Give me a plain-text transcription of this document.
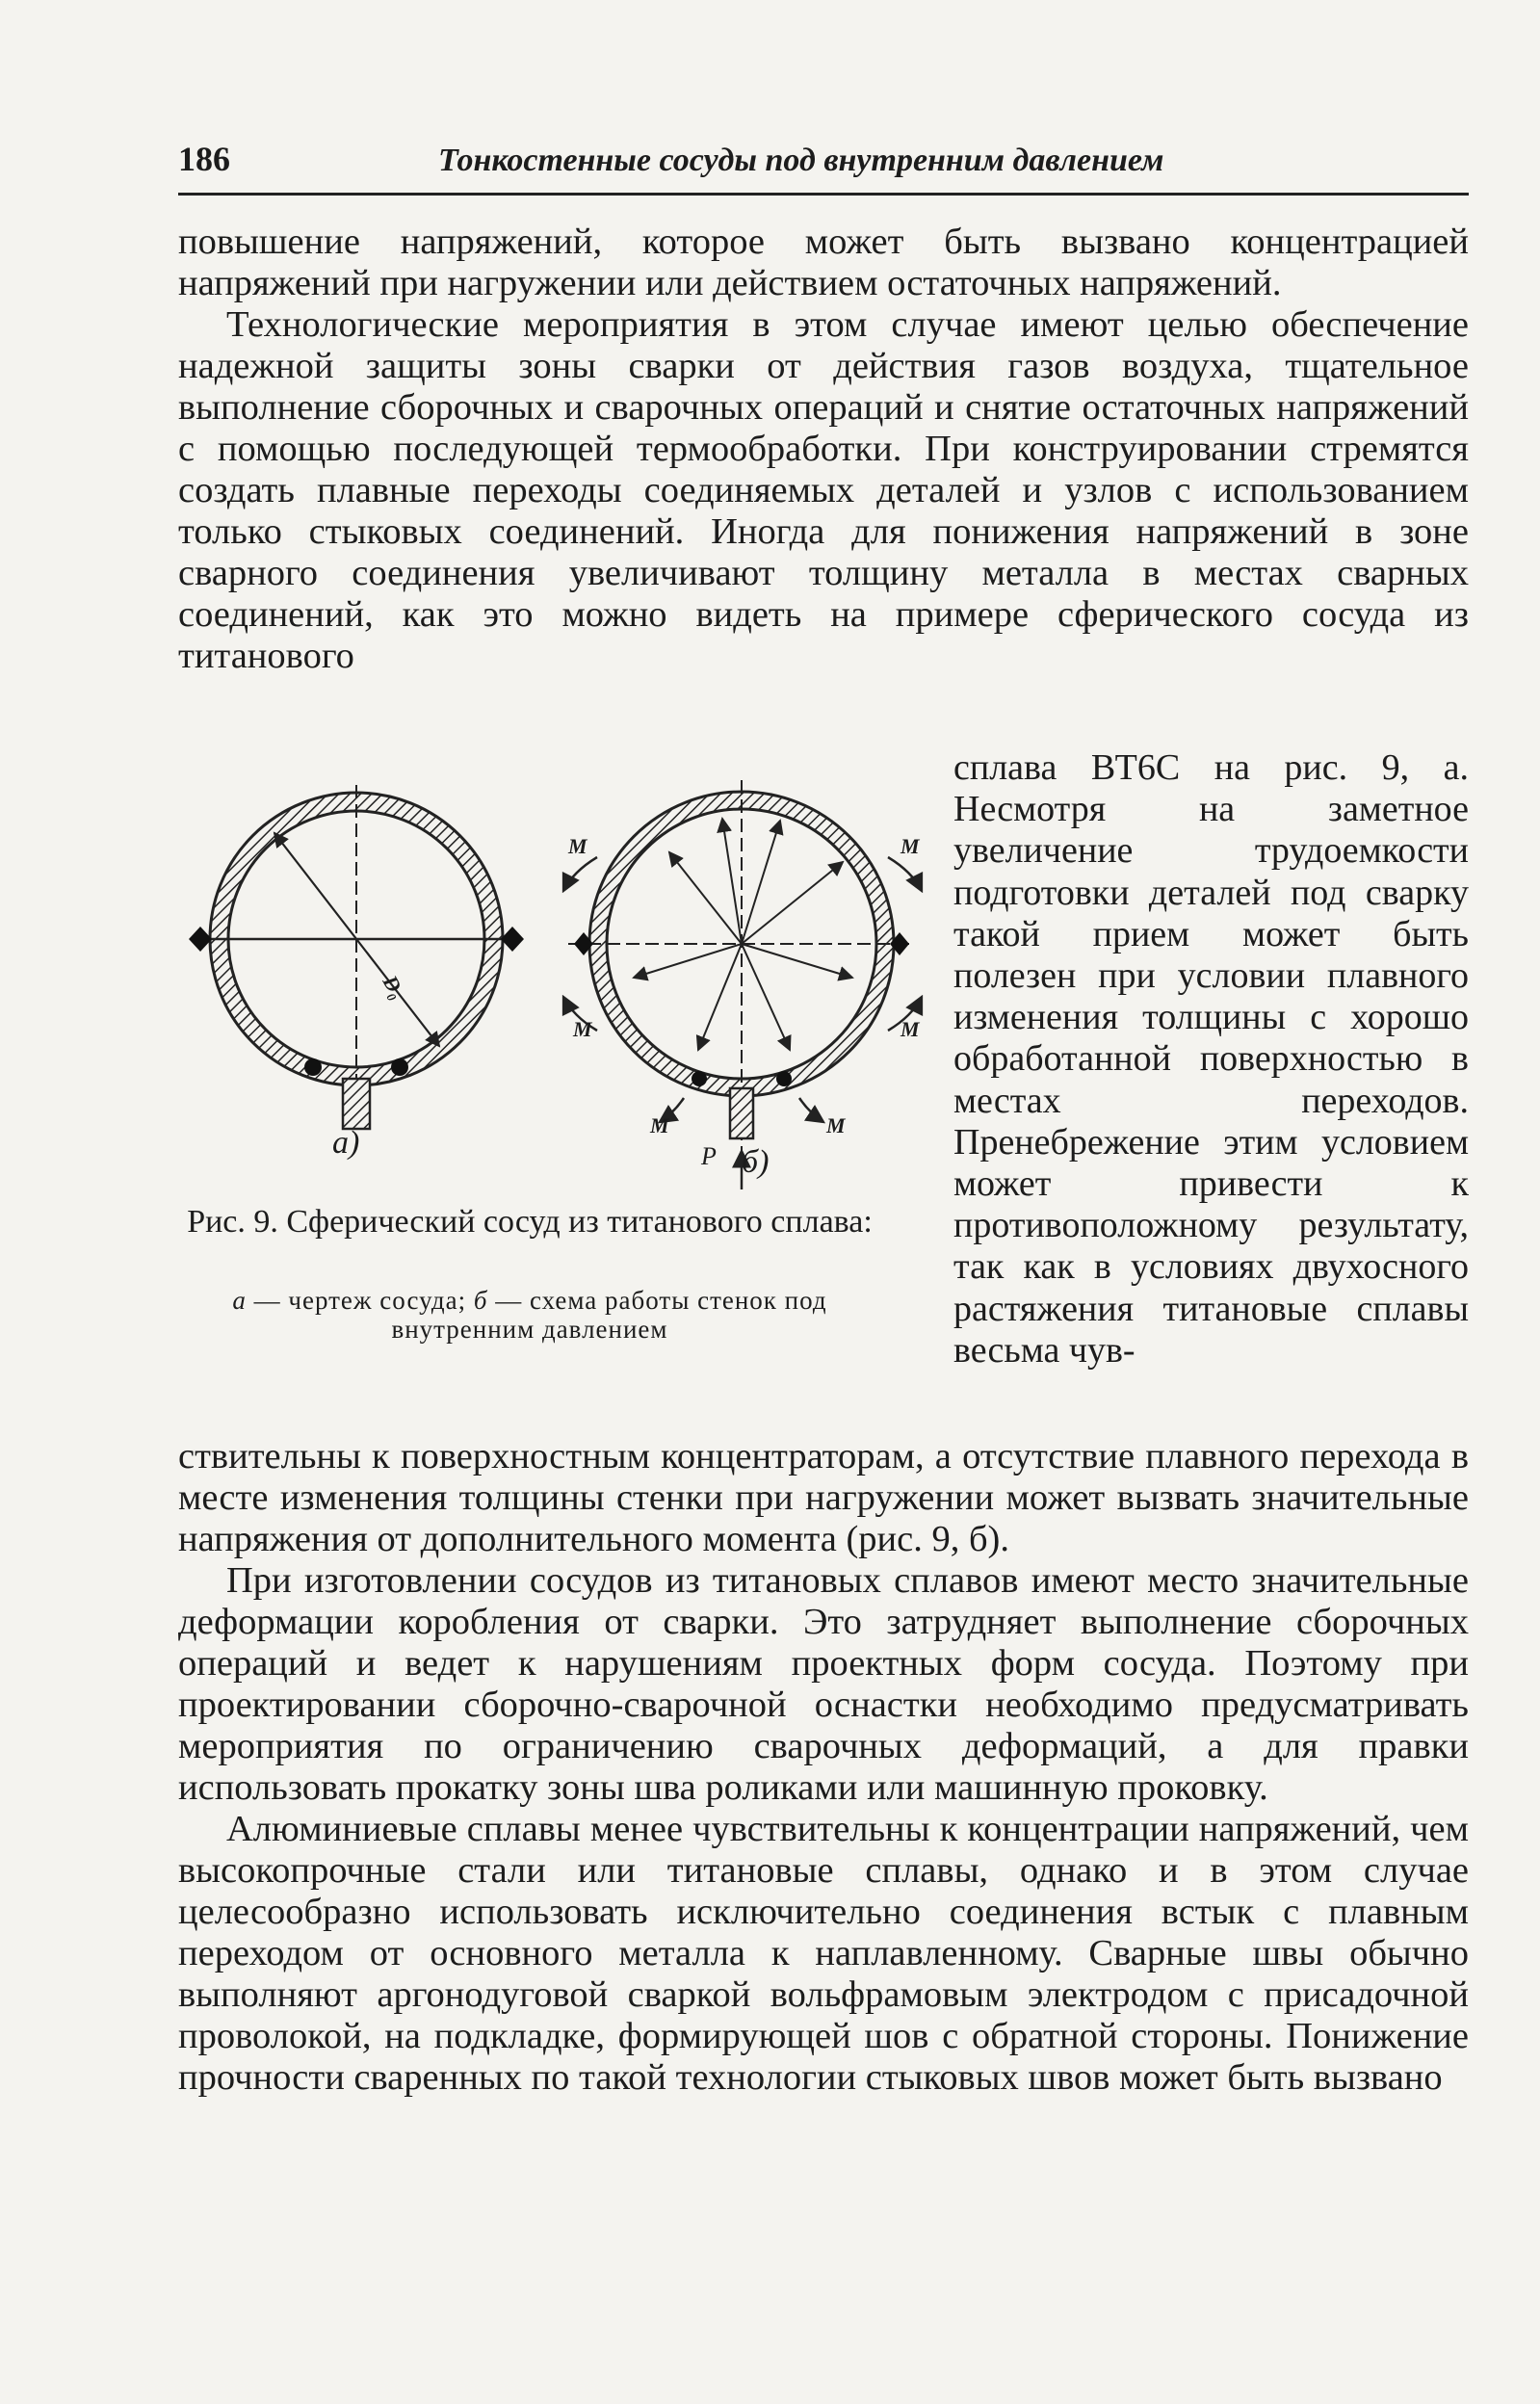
186	Тонкостенные сосуды под внутренним давлением

повышение напряжений, которое может быть вызвано концентрацией напряжений при нагружении или действием остаточных напряжений.

Технологические мероприятия в этом случае имеют целью обеспечение надежной защиты зоны сварки от действия газов воздуха, тщательное выполнение сборочных и сварочных операций и снятие остаточных напряжений с помощью последующей термообработки. При конструировании стремятся создать плавные переходы соединяемых деталей и узлов с использованием только стыковых соединений. Иногда для понижения напряжений в зоне сварного соединения увеличивают толщину металла в местах сварных соединений, как это можно видеть на примере сферического сосуда из титанового

D₀
М	М
М	М
М	М
а)	P б)
Рис. 9. Сферический сосуд из титанового сплава:
а — чертеж сосуда; б — схема работы стенок под внутренним давлением

сплава ВТ6С на рис. 9, а. Несмотря на заметное увеличение трудоемкости подготовки деталей под сварку такой прием может быть полезен при условии плавного изменения толщины с хорошо обработанной поверхностью в местах переходов. Пренебрежение этим условием может привести к противоположному результату, так как в условиях двухосного растяжения титановые сплавы весьма чув-

ствительны к поверхностным концентраторам, а отсутствие плавного перехода в месте изменения толщины стенки при нагружении может вызвать значительные напряжения от дополнительного момента (рис. 9, б).

При изготовлении сосудов из титановых сплавов имеют место значительные деформации коробления от сварки. Это затрудняет выполнение сборочных операций и ведет к нарушениям проектных форм сосуда. Поэтому при проектировании сборочно-сварочной оснастки необходимо предусматривать мероприятия по ограничению сварочных деформаций, а для правки использовать прокатку зоны шва роликами или машинную проковку.

Алюминиевые сплавы менее чувствительны к концентрации напряжений, чем высокопрочные стали или титановые сплавы, однако и в этом случае целесообразно использовать исключительно соединения встык с плавным переходом от основного металла к наплавленному. Сварные швы обычно выполняют аргонодуговой сваркой вольфрамовым электродом с присадочной проволокой, на подкладке, формирующей шов с обратной стороны. Понижение прочности сваренных по такой технологии стыковых швов может быть вызвано
